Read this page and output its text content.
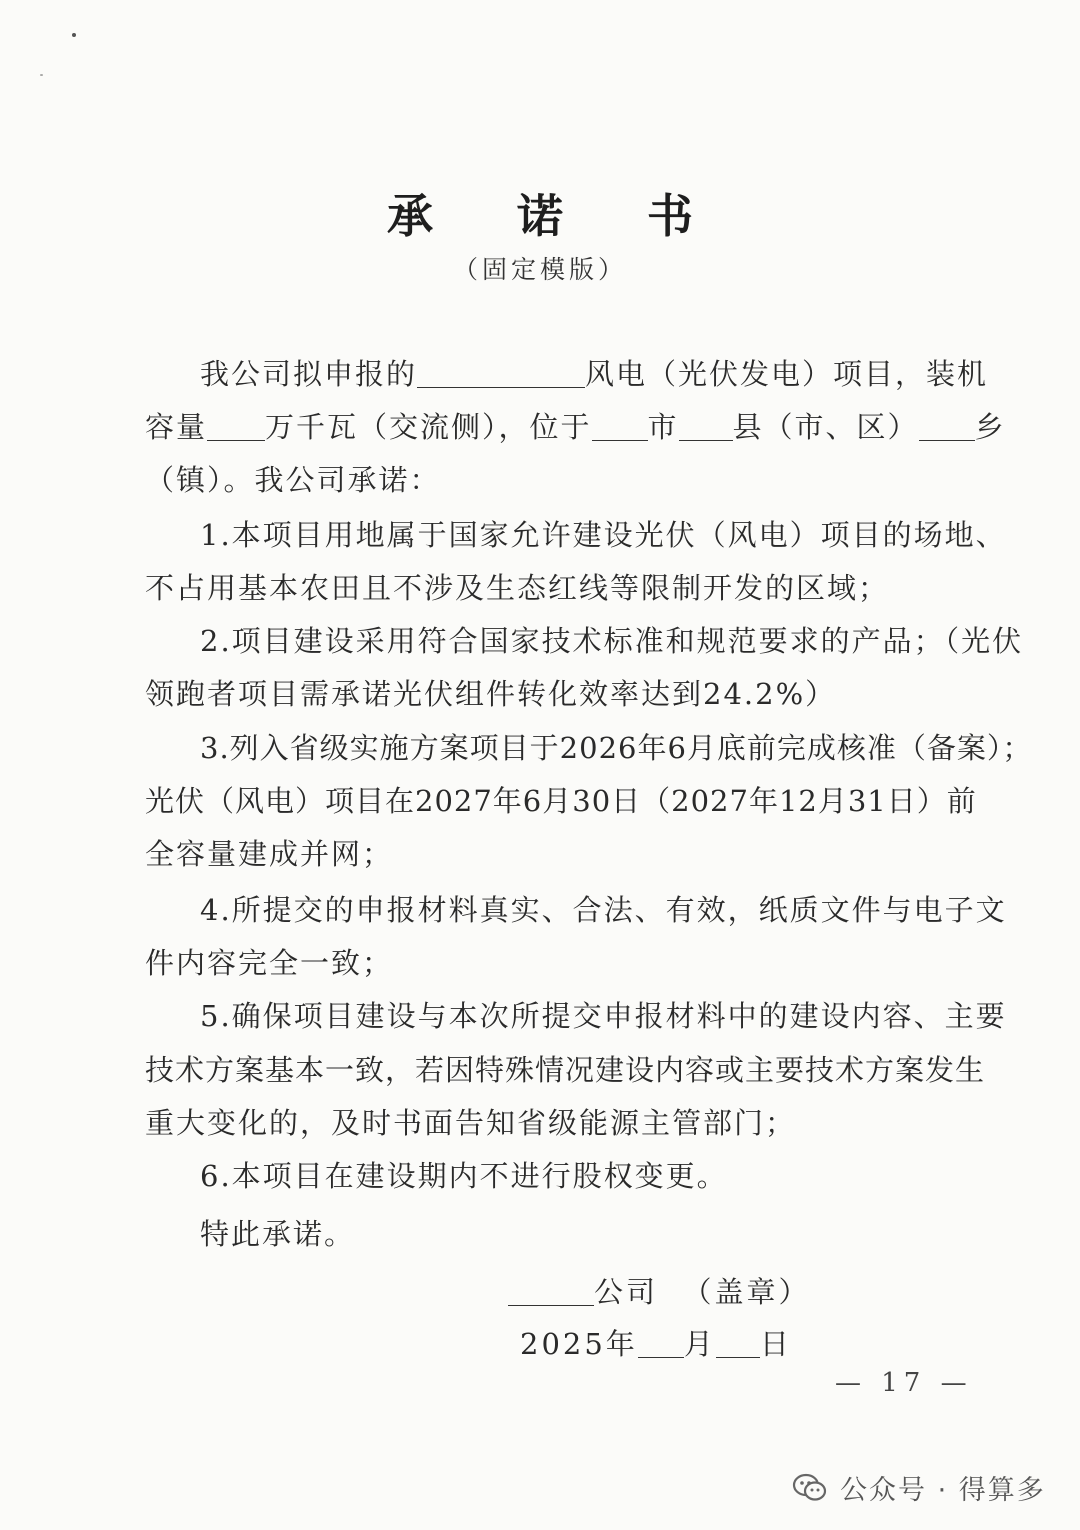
承 诺 书
（固定模版）
我公司拟申报的	风电（光伏发电）项目，装机
容量 万千瓦（交流侧），位于 市 县（市、区） 乡
（镇）。我公司承诺：
1.本项目用地属于国家允许建设光伏（风电）项目的场地、
不占用基本农田且不涉及生态红线等限制开发的区域；
2.项目建设采用符合国家技术标准和规范要求的产品；（光伏
领跑者项目需承诺光伏组件转化效率达到24.2%）
3.列入省级实施方案项目于2026年6月底前完成核准（备案）；
光伏（风电）项目在2027年6月30日（2027年12月31日）前
全容量建成并网；
4.所提交的申报材料真实、合法、有效，纸质文件与电子文
件内容完全一致；
5.确保项目建设与本次所提交申报材料中的建设内容、主要
技术方案基本一致，若因特殊情况建设内容或主要技术方案发生
重大变化的，及时书面告知省级能源主管部门；
6.本项目在建设期内不进行股权变更。
特此承诺。
公司 （盖章）
2025年 月 日
— 17 —
公众号 · 得算多
